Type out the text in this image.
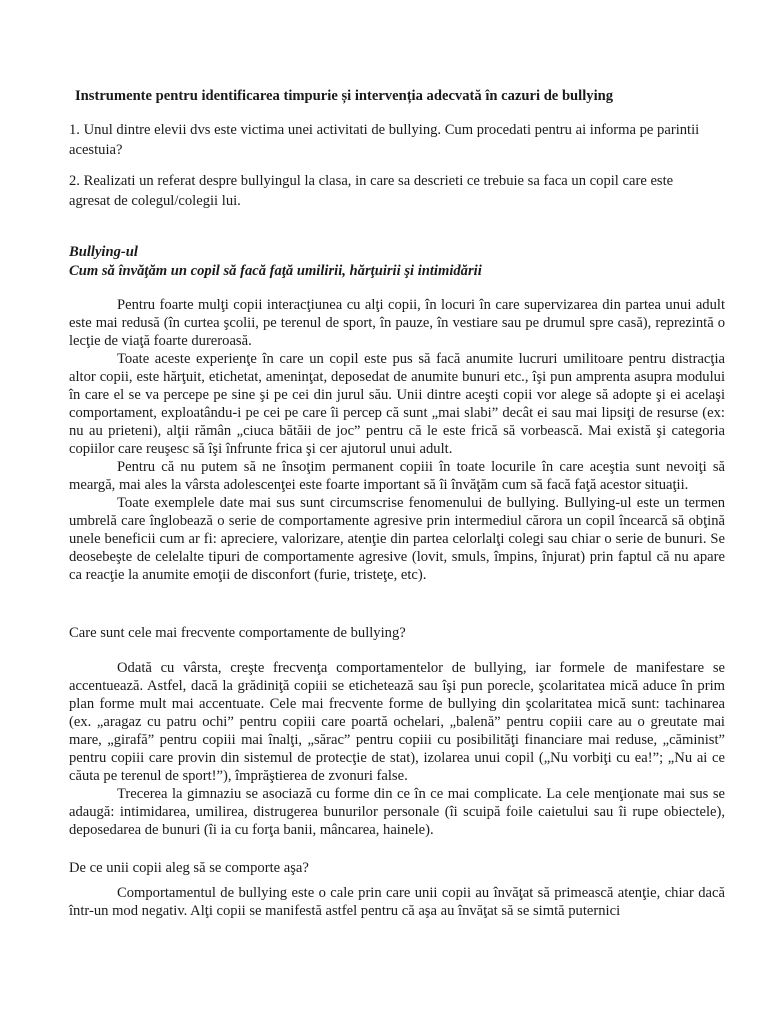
Instrumente pentru identificarea timpurie și intervenția adecvată în cazuri de bullying
1. Unul dintre elevii dvs este victima unei activitati de bullying. Cum procedati pentru ai informa pe parintii acestuia?
2. Realizati un referat despre bullyingul la clasa, in care sa descrieti ce trebuie sa faca un copil care este agresat de colegul/colegii lui.
Bullying-ul
Cum să învăţăm un copil să facă faţă umilirii, hărţuirii şi intimidării

Pentru foarte mulţi copii interacţiunea cu alţi copii, în locuri în care supervizarea din partea unui adult este mai redusă (în curtea şcolii, pe terenul de sport, în pauze, în vestiare sau pe drumul spre casă), reprezintă o lecţie de viaţă foarte dureroasă.

Toate aceste experienţe în care un copil este pus să facă anumite lucruri umilitoare pentru distracţia altor copii, este hărţuit, etichetat, ameninţat, deposedat de anumite bunuri etc., îşi pun amprenta asupra modului în care el se va percepe pe sine şi pe cei din jurul său. Unii dintre aceşti copii vor alege să adopte şi ei acelaşi comportament, exploatându-i pe cei pe care îi percep că sunt „mai slabi” decât ei sau mai lipsiţi de resurse (ex: nu au prieteni), alţii rămân „ciuca bătăii de joc” pentru că le este frică să vorbească. Mai există şi categoria copiilor care reuşesc să îşi înfrunte frica şi cer ajutorul unui adult.

Pentru că nu putem să ne însoţim permanent copiii în toate locurile în care aceştia sunt nevoiţi să meargă, mai ales la vârsta adolescenţei este foarte important să îi învăţăm cum să facă faţă acestor situaţii.

Toate exemplele date mai sus sunt circumscrise fenomenului de bullying. Bullying-ul este un termen umbrelă care înglobează o serie de comportamente agresive prin intermediul cărora un copil încearcă să obţină unele beneficii cum ar fi: apreciere, valorizare, atenţie din partea celorlalţi colegi sau chiar o serie de bunuri. Se deosebeşte de celelalte tipuri de comportamente agresive (lovit, smuls, împins, înjurat) prin faptul că nu apare ca reacţie la anumite emoţii de disconfort (furie, tristeţe, etc).

Care sunt cele mai frecvente comportamente de bullying?

Odată cu vârsta, creşte frecvenţa comportamentelor de bullying, iar formele de manifestare se accentuează. Astfel, dacă la grădiniţă copiii se etichetează sau îşi pun porecle, şcolaritatea mică aduce în prim plan forme mult mai accentuate. Cele mai frecvente forme de bullying din şcolaritatea mică sunt: tachinarea (ex. „aragaz cu patru ochi” pentru copiii care poartă ochelari, „balenă” pentru copiii care au o greutate mai mare, „girafă” pentru copiii mai înalţi, „sărac” pentru copiii cu posibilităţi financiare mai reduse, „căminist” pentru copiii care provin din sistemul de protecţie de stat), izolarea unui copil („Nu vorbiţi cu ea!”; „Nu ai ce căuta pe terenul de sport!”), împrăştierea de zvonuri false.

Trecerea la gimnaziu se asociază cu forme din ce în ce mai complicate. La cele menţionate mai sus se adaugă: intimidarea, umilirea, distrugerea bunurilor personale (îi scuipă foile caietului sau îi rupe obiectele), deposedarea de bunuri (îi ia cu forţa banii, mâncarea, hainele).

De ce unii copii aleg să se comporte aşa?

Comportamentul de bullying este o cale prin care unii copii au învăţat să primească atenţie, chiar dacă într-un mod negativ. Alţi copii se manifestă astfel pentru că aşa au învăţat să se simtă puternici
